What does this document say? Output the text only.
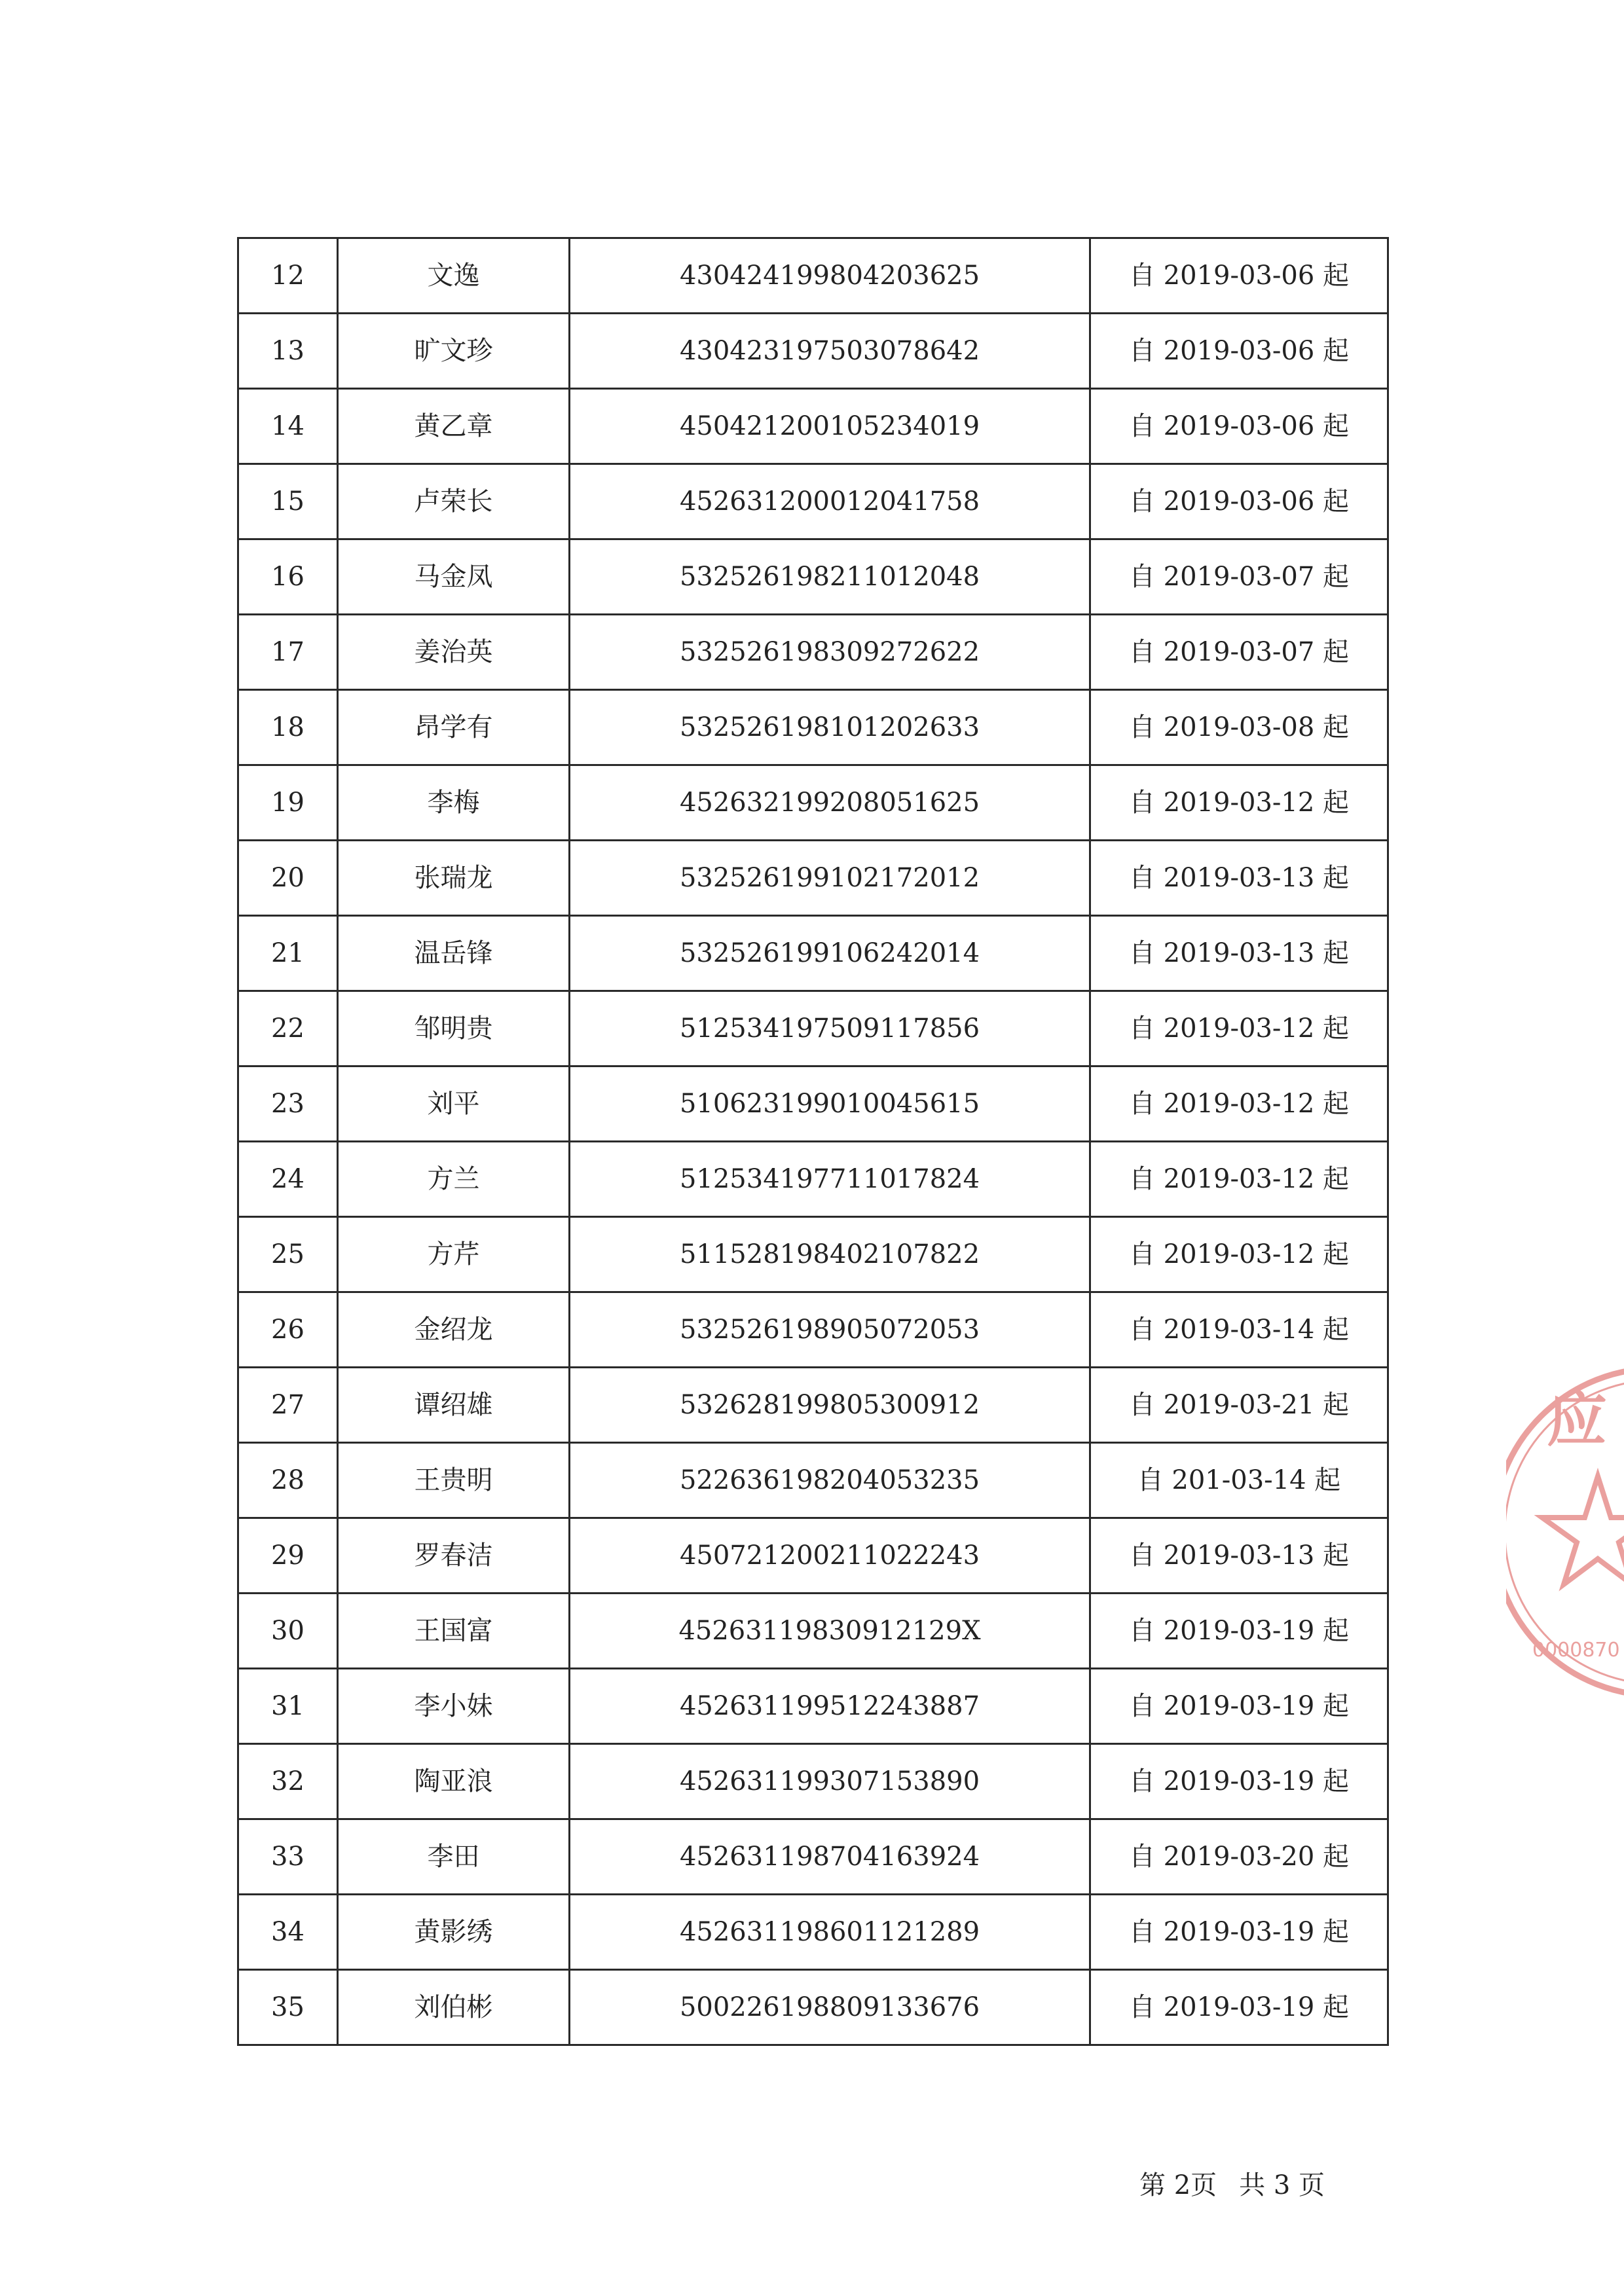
12	文逸	430424199804203625	自 2019-03-06 起
13	旷文珍	430423197503078642	自 2019-03-06 起
14	黄乙章	450421200105234019	自 2019-03-06 起
15	卢荣长	452631200012041758	自 2019-03-06 起
16	马金凤	532526198211012048	自 2019-03-07 起
17	姜治英	532526198309272622	自 2019-03-07 起
18	昂学有	532526198101202633	自 2019-03-08 起
19	李梅	452632199208051625	自 2019-03-12 起
20	张瑞龙	532526199102172012	自 2019-03-13 起
21	温岳锋	532526199106242014	自 2019-03-13 起
22	邹明贵	512534197509117856	自 2019-03-12 起
23	刘平	510623199010045615	自 2019-03-12 起
24	方兰	512534197711017824	自 2019-03-12 起
25	方芹	511528198402107822	自 2019-03-12 起
26	金绍龙	532526198905072053	自 2019-03-14 起
27	谭绍雄	532628199805300912	自 2019-03-21 起
28	王贵明	522636198204053235	自 201-03-14 起
29	罗春洁	450721200211022243	自 2019-03-13 起
30	王国富	45263119830912129X	自 2019-03-19 起
31	李小妹	452631199512243887	自 2019-03-19 起
32	陶亚浪	452631199307153890	自 2019-03-19 起
33	李田	452631198704163924	自 2019-03-20 起
34	黄影绣	452631198601121289	自 2019-03-19 起
35	刘伯彬	500226198809133676	自 2019-03-19 起
应
0000870
第 2页 共 3 页
